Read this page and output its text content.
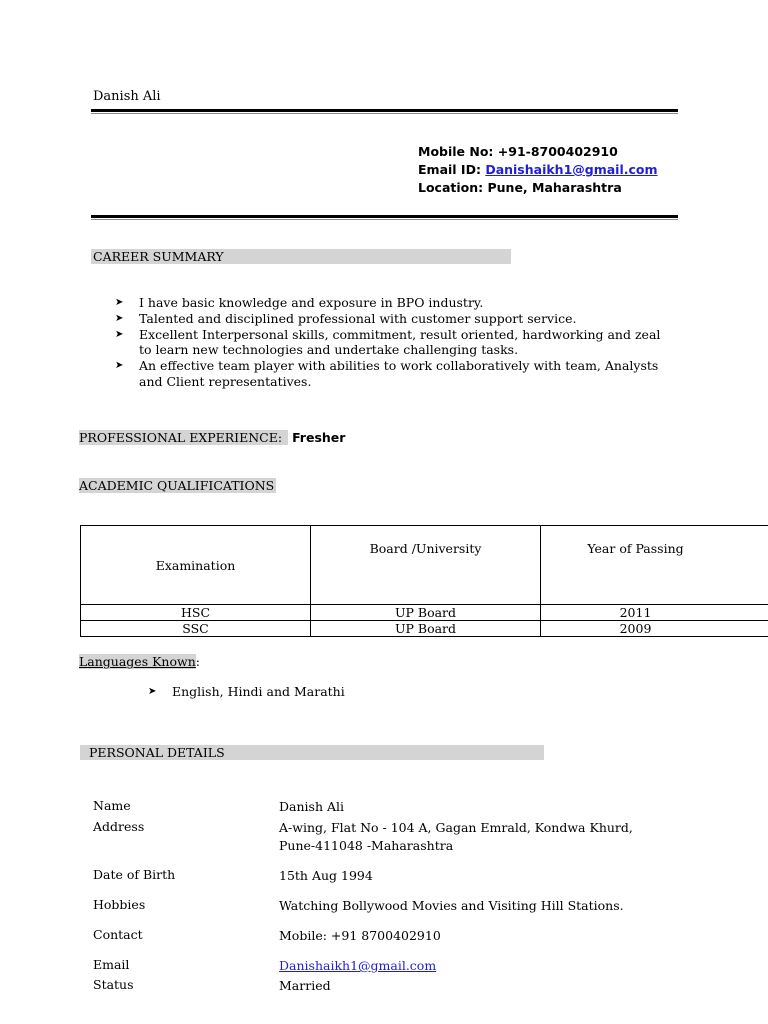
Danish Ali
Mobile No: +91-8700402910
Email ID: Danishaikh1@gmail.com
Location: Pune, Maharashtra
CAREER SUMMARY
➤ I have basic knowledge and exposure in BPO industry.
➤ Talented and disciplined professional with customer support service.
➤ Excellent Interpersonal skills, commitment, result oriented, hardworking and zeal to learn new technologies and undertake challenging tasks.
➤ An effective team player with abilities to work collaboratively with team, Analysts and Client representatives.
PROFESSIONAL EXPERIENCE: Fresher
ACADEMIC QUALIFICATIONS
Examination	Board /University	Year of Passing
HSC	UP Board	2011
SSC	UP Board	2009
Languages Known:
➤ English, Hindi and Marathi
PERSONAL DETAILS
Name	Danish Ali
Address	A-wing, Flat No - 104 A, Gagan Emrald, Kondwa Khurd, Pune-411048 -Maharashtra
Date of Birth	15th Aug 1994
Hobbies	Watching Bollywood Movies and Visiting Hill Stations.
Contact	Mobile: +91 8700402910
Email	Danishaikh1@gmail.com
Status	Married
